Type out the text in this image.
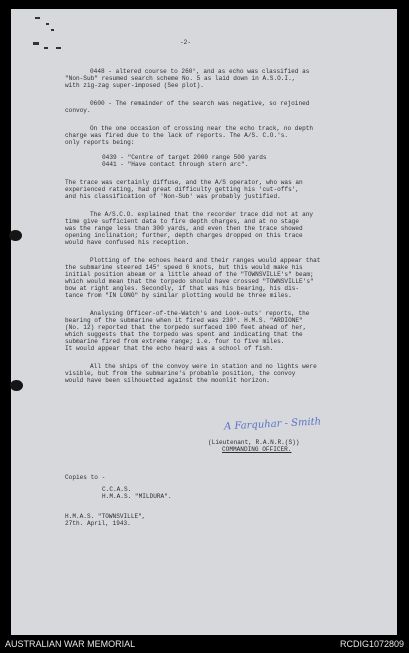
-2-
0448 - altered course to 260°, and as echo was classified as
"Non-Sub" resumed search scheme No. 5 as laid down in A.S.O.I.,
with zig-zag super-imposed (See plot).
0600 - The remainder of the search was negative, so rejoined
convoy.
On the one occasion of crossing near the echo track, no depth
charge was fired due to the lack of reports. The A/S. C.O.'s.
only reports being:
0439 - "Centre of target 2000 range 500 yards
0441 - "Have contact through stern arc".
The trace was certainly diffuse, and the A/S operator, who was an
experienced rating, had great difficulty getting his 'cut-offs',
and his classification of 'Non-Sub' was probably justified.
The A/S.C.O. explained that the recorder trace did not at any
time give sufficient data to fire depth charges, and at no stage
was the range less than 300 yards, and even then the trace showed
opening inclination; further, depth charges dropped on this trace
would have confused his reception.
Plotting of the echoes heard and their ranges would appear that
the submarine steered 145° speed 6 knots, but this would make his
initial position abeam or a little ahead of the "TOWNSVILLE's" beam;
which would mean that the torpedo should have crossed "TOWNSVILLE's"
bow at right angles. Secondly, if that was his bearing, his dis-
tance from "IN LONG" by similar plotting would be three miles.
Analysing Officer-of-the-Watch's and Look-outs' reports, the
bearing of the submarine when it fired was 230°. H.M.S. "ARDIONE"
(No. 12) reported that the torpedo surfaced 100 feet ahead of her,
which suggests that the torpedo was spent and indicating that the
submarine fired from extreme range; i.e. four to five miles.
It would appear that the echo heard was a school of fish.
All the ships of the convoy were in station and no lights were
visible, but from the submarine's probable position, the convoy
would have been silhouetted against the moonlit horizon.
A Farquhar - Smith
(Lieutenant, R.A.N.R.(S))
COMMANDING OFFICER.
Copies to -
C.C.A.S.
H.M.A.S. "MILDURA".
H.M.A.S. "TOWNSVILLE",
27th. April, 1943.
AUSTRALIAN WAR MEMORIAL	RCDIG1072809
